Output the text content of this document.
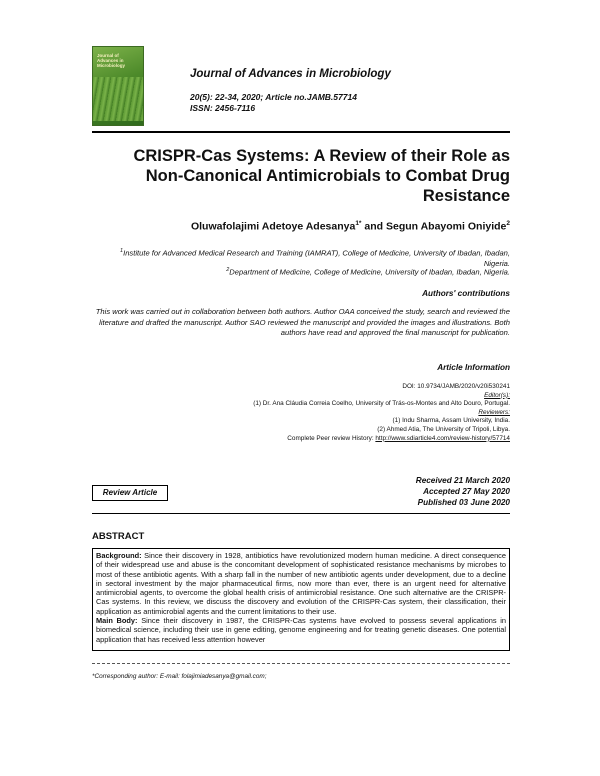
Journal of Advances in Microbiology
Journal of Advances in Microbiology
20(5): 22-34, 2020; Article no.JAMB.57714
ISSN: 2456-7116
CRISPR-Cas Systems: A Review of their Role as Non-Canonical Antimicrobials to Combat Drug Resistance
Oluwafolajimi Adetoye Adesanya$^{1*}$ and Segun Abayomi Oniyide$^2$
$^1$Institute for Advanced Medical Research and Training (IAMRAT), College of Medicine, University of Ibadan, Ibadan, Nigeria.
$^2$Department of Medicine, College of Medicine, University of Ibadan, Ibadan, Nigeria.
Authors' contributions
This work was carried out in collaboration between both authors. Author OAA conceived the study, search and reviewed the literature and drafted the manuscript. Author SAO reviewed the manuscript and provided the images and illustrations. Both authors have read and approved the final manuscript for publication.
Article Information
DOI: 10.9734/JAMB/2020/v20i530241
Editor(s):
(1) Dr. Ana Cláudia Correia Coelho, University of Trás-os-Montes and Alto Douro, Portugal.
Reviewers:
(1) Indu Sharma, Assam University, India.
(2) Ahmed Atia, The University of Tripoli, Libya.
Complete Peer review History: http://www.sdiarticle4.com/review-history/57714
Received 21 March 2020
Accepted 27 May 2020
Published 03 June 2020
Review Article
ABSTRACT

Background: Since their discovery in 1928, antibiotics have revolutionized modern human medicine. A direct consequence of their widespread use and abuse is the concomitant development of sophisticated resistance mechanisms by microbes to most of these antibiotic agents. With a sharp fall in the number of new antibiotic agents under development, due to a decline in sectoral investment by the major pharmaceutical firms, now more than ever, there is an urgent need for alternative antimicrobial agents, to overcome the global health crisis of antimicrobial resistance. One such alternative are the CRISPR-Cas systems. In this review, we discuss the discovery and evolution of the CRISPR-Cas system, their classification, their application as antimicrobial agents and the current limitations to their use.

Main Body: Since their discovery in 1987, the CRISPR-Cas systems have evolved to possess several applications in biomedical science, including their use in gene editing, genome engineering and for treating genetic diseases. One potential application that has received less attention however

*Corresponding author: E-mail: folajimiadesanya@gmail.com;
